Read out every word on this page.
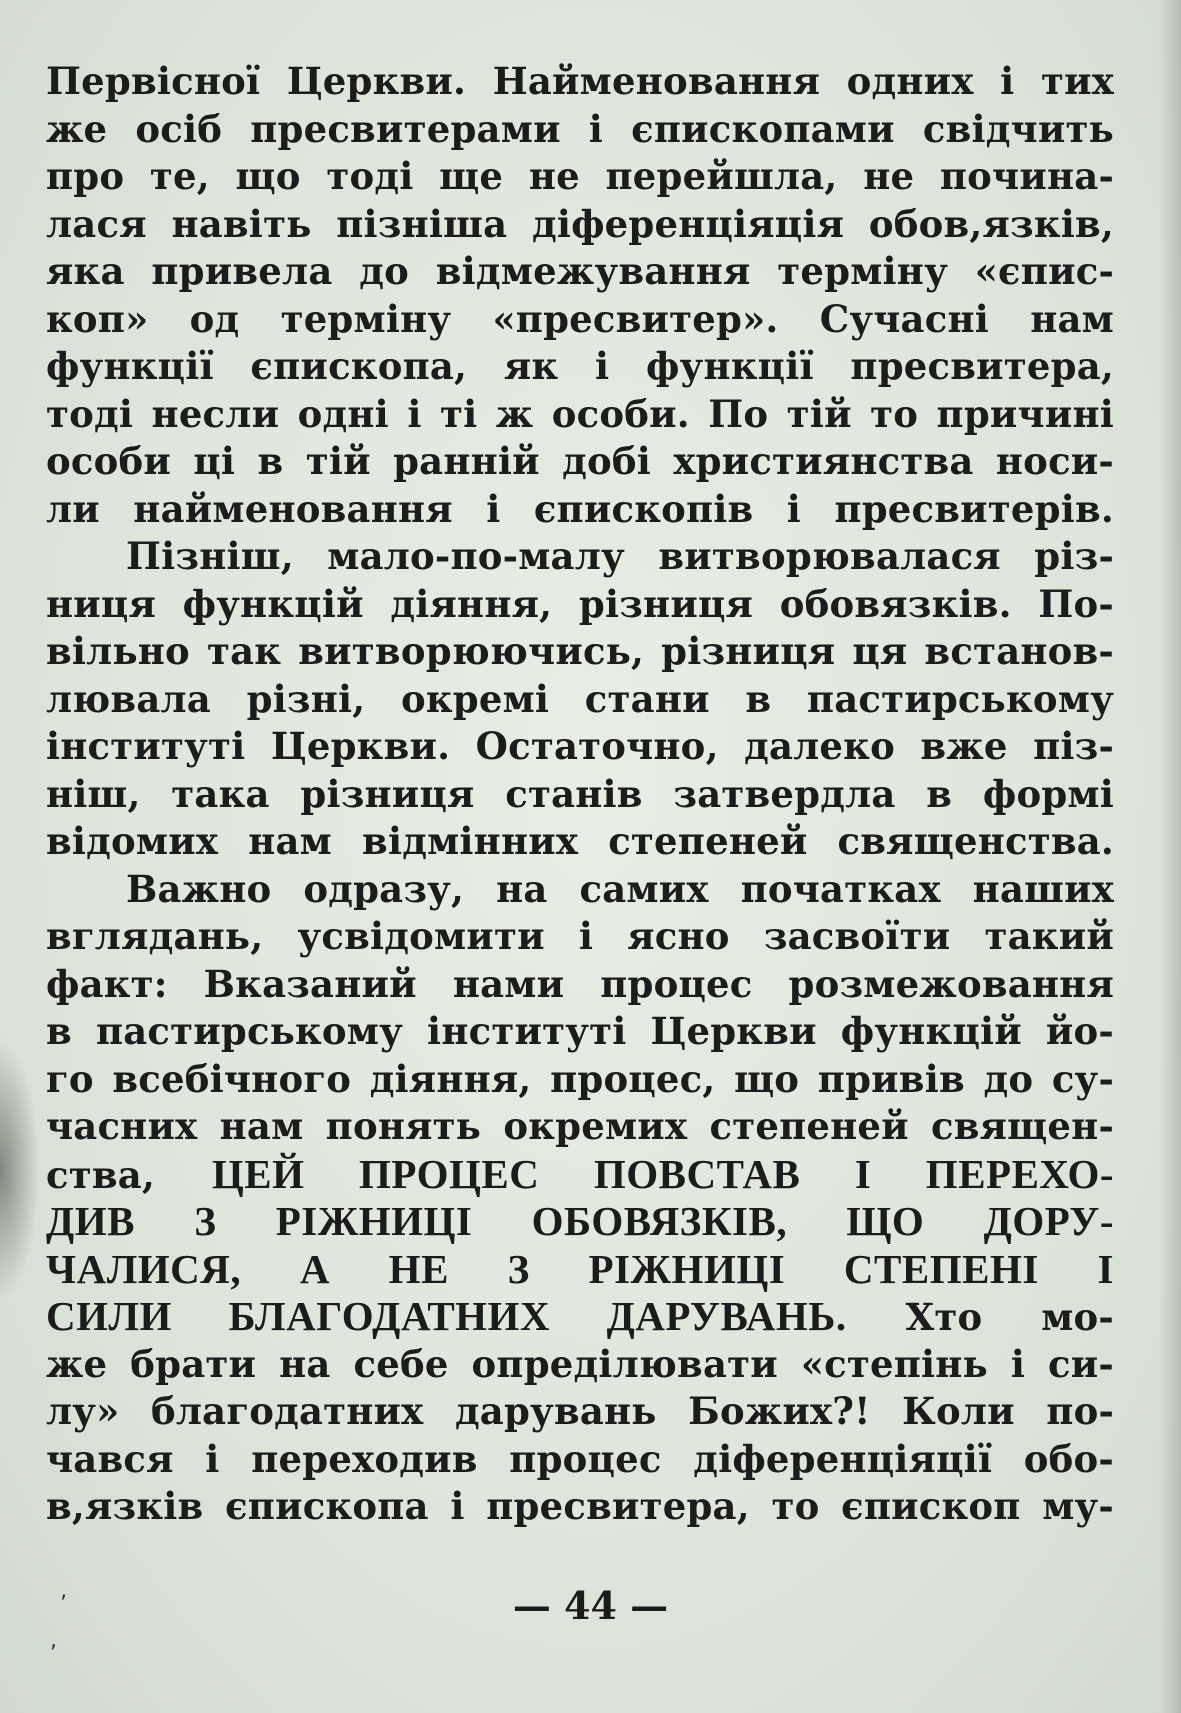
Первісної Церкви. Найменовання одних і тих
же осіб пресвитерами і єпископами свідчить
про те, що тоді ще не перейшла, не почина-
лася навіть пізніша діференціяція обов,язків,
яка привела до відмежування терміну «єпис-
коп» од терміну «пресвитер». Сучасні нам
функції єпископа, як і функції пресвитера,
тоді несли одні і ті ж особи. По тій то причині
особи ці в тій ранній добі християнства носи-
ли найменовання і єпископів і пресвитерів.
Пізніш, мало-по-малу витворювалася різ-
ниця функцій діяння, різниця обовязків. По-
вільно так витворюючись, різниця ця встанов-
лювала різні, окремі стани в пастирському
інституті Церкви. Остаточно, далеко вже піз-
ніш, така різниця станів затвердла в формі
відомих нам відмінних степеней священства.
Важно одразу, на самих початках наших
вглядань, усвідомити і ясно засвоїти такий
факт: Вказаний нами процес розмежовання
в пастирському інституті Церкви функцій йо-
го всебічного діяння, процес, що привів до су-
часних нам понять окремих степеней священ-
ства, ЦЕЙ ПРОЦЕС ПОВСТАВ І ПЕРЕХО-
ДИВ З РІЖНИЦІ ОБОВЯЗКІВ, ЩО ДОРУ-
ЧАЛИСЯ, А НЕ З РІЖНИЦІ СТЕПЕНІ І
СИЛИ БЛАГОДАТНИХ ДАРУВАНЬ. Хто мо-
же брати на себе опреділювати «степінь і си-
лу» благодатних дарувань Божих?! Коли по-
чався і переходив процес діференціяції обо-
в,язків єпископа і пресвитера, то єпископ му-
’
,
— 44 —
